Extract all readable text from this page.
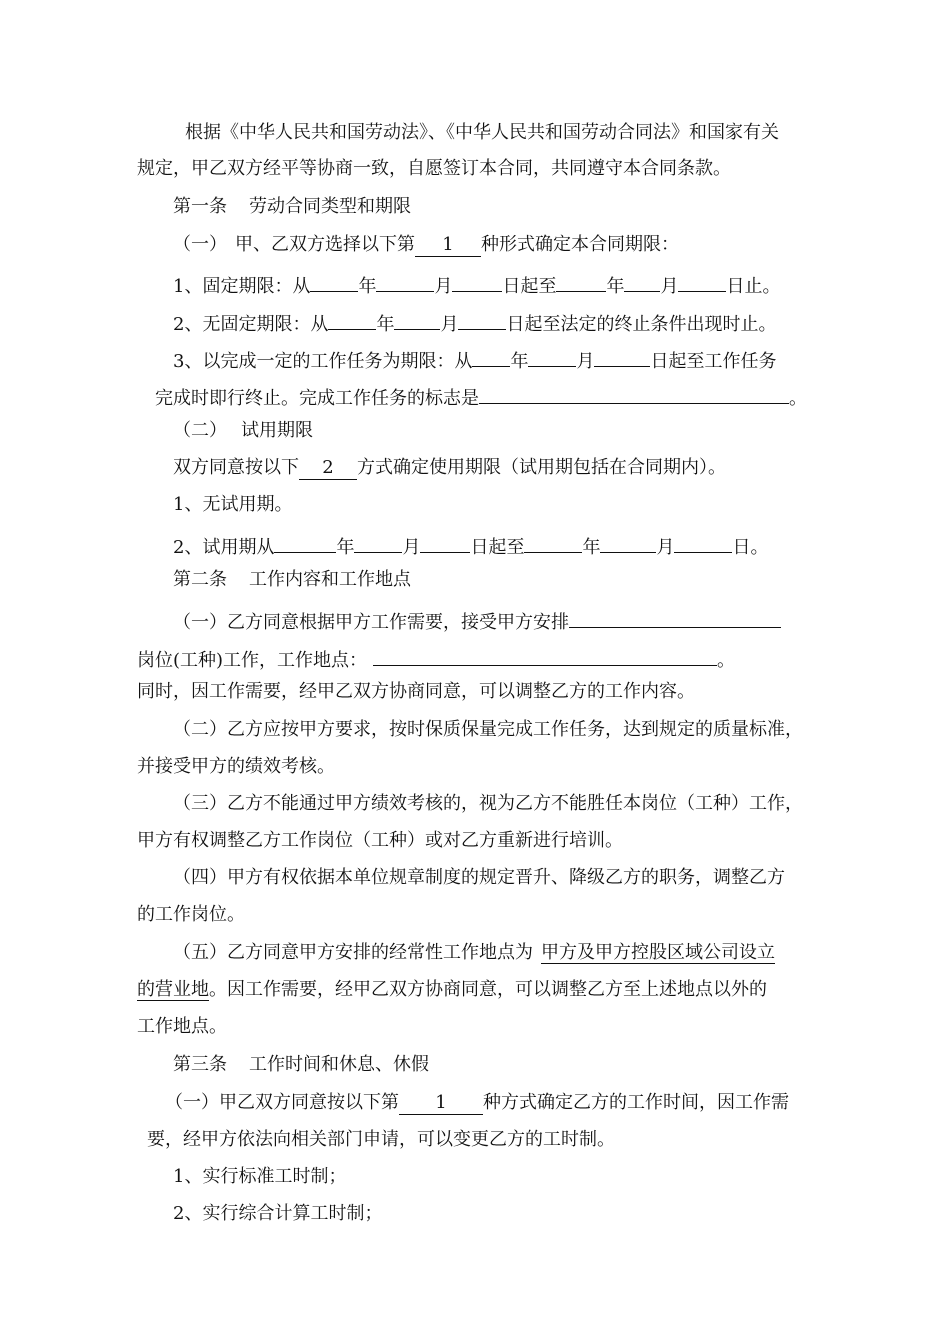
根据《中华人民共和国劳动法》、《中华人民共和国劳动合同法》和国家有关
规定，甲乙双方经平等协商一致，自愿签订本合同，共同遵守本合同条款。
第一条 劳动合同类型和期限
（一） 甲、乙双方选择以下第 1 种形式确定本合同期限：
1、固定期限：从	年	月	日起至	年 月	日止。
2、无固定期限：从	年	月	日起至法定的终止条件出现时止。
3、以完成一定的工作任务为期限：从 年	月	日起至工作任务
完成时即行终止。完成工作任务的标志是	。
（二） 试用期限
双方同意按以下 2 方式确定使用期限（试用期包括在合同期内）。
1、无试用期。
2、试用期从	年	月	日起至	年	月	日。
第二条 工作内容和工作地点
（一）乙方同意根据甲方工作需要，接受甲方安排
岗位(工种)工作，工作地点：	。
同时，因工作需要，经甲乙双方协商同意，可以调整乙方的工作内容。
（二）乙方应按甲方要求，按时保质保量完成工作任务，达到规定的质量标准，
并接受甲方的绩效考核。
（三）乙方不能通过甲方绩效考核的，视为乙方不能胜任本岗位（工种）工作，
甲方有权调整乙方工作岗位（工种）或对乙方重新进行培训。
（四）甲方有权依据本单位规章制度的规定晋升、降级乙方的职务，调整乙方
的工作岗位。
（五）乙方同意甲方安排的经常性工作地点为 甲方及甲方控股区域公司设立
的营业地。因工作需要，经甲乙双方协商同意，可以调整乙方至上述地点以外的
工作地点。
第三条 工作时间和休息、休假
（一）甲乙双方同意按以下第 1 种方式确定乙方的工作时间，因工作需
要，经甲方依法向相关部门申请，可以变更乙方的工时制。
1、实行标准工时制；
2、实行综合计算工时制；
